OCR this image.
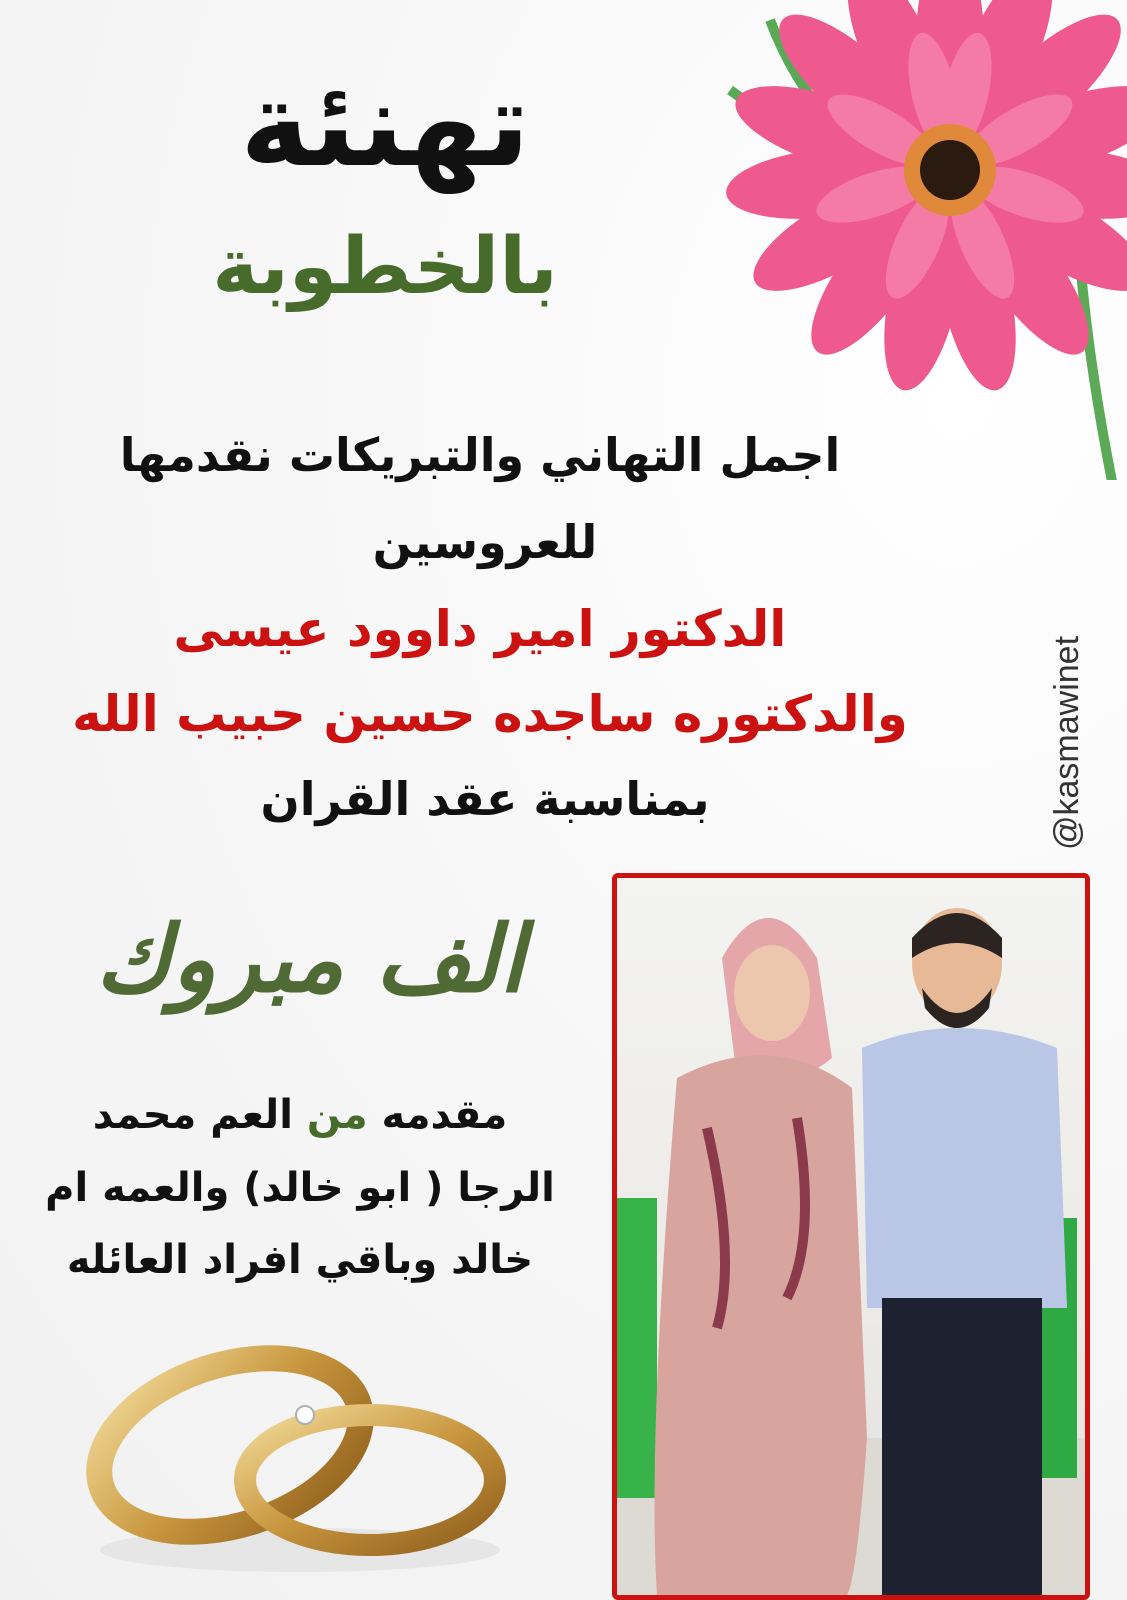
تهنئة
بالخطوبة
اجمل التهاني والتبريكات نقدمها
للعروسين
الدكتور امير داوود عيسى
والدكتوره ساجده حسين حبيب الله
بمناسبة عقد القران
الف مبروك
مقدمه من العم محمد
الرجا ( ابو خالد) والعمه ام
خالد وباقي افراد العائله
@kasmawinet
